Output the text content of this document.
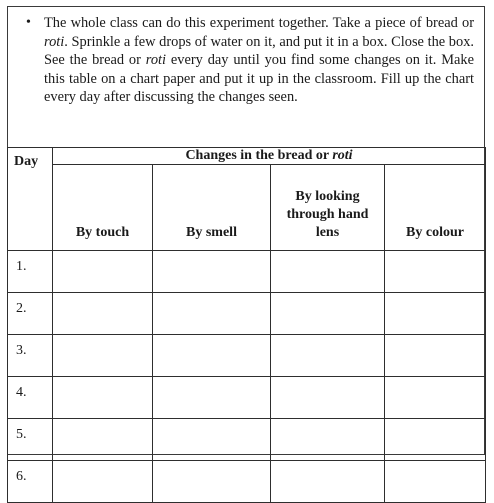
• The whole class can do this experiment together. Take a piece of bread or roti. Sprinkle a few drops of water on it, and put it in a box. Close the box. See the bread or roti every day until you find some changes on it. Make this table on a chart paper and put it up in the classroom. Fill up the chart every day after discussing the changes seen.
Day	Changes in the bread or roti			
	By touch	By smell	By looking through hand lens	By colour
1.				
2.				
3.				
4.				
5.				
6.				
